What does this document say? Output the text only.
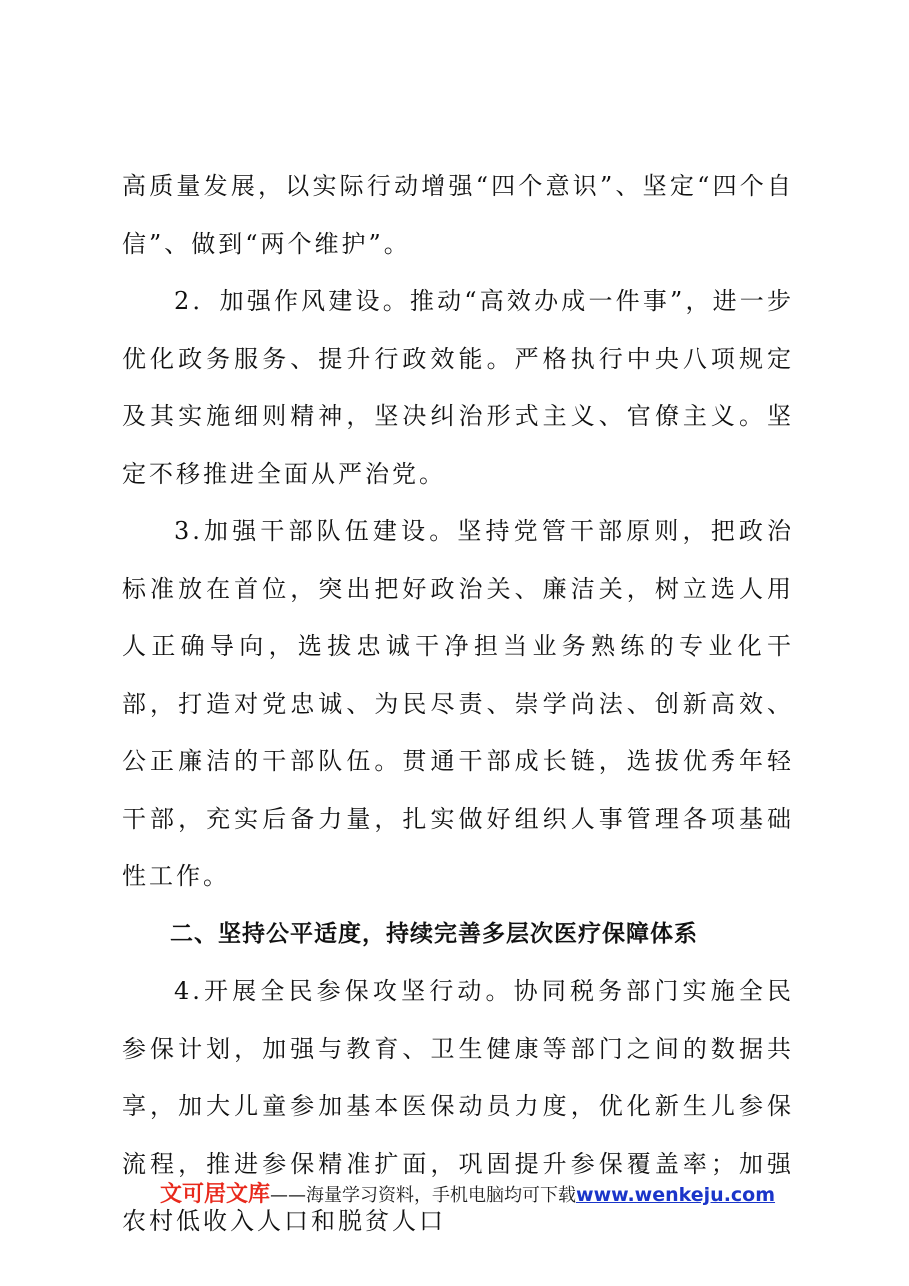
高质量发展，以实际行动增强“四个意识”、坚定“四个自信”、做到“两个维护”。

2．加强作风建设。推动“高效办成一件事”，进一步优化政务服务、提升行政效能。严格执行中央八项规定及其实施细则精神，坚决纠治形式主义、官僚主义。坚定不移推进全面从严治党。

3.加强干部队伍建设。坚持党管干部原则，把政治标准放在首位，突出把好政治关、廉洁关，树立选人用人正确导向，选拔忠诚干净担当业务熟练的专业化干部，打造对党忠诚、为民尽责、崇学尚法、创新高效、公正廉洁的干部队伍。贯通干部成长链，选拔优秀年轻干部，充实后备力量，扎实做好组织人事管理各项基础性工作。

二、坚持公平适度，持续完善多层次医疗保障体系

4.开展全民参保攻坚行动。协同税务部门实施全民参保计划，加强与教育、卫生健康等部门之间的数据共享，加大儿童参加基本医保动员力度，优化新生儿参保流程，推进参保精准扩面，巩固提升参保覆盖率；加强农村低收入人口和脱贫人口

文可居文库——海量学习资料，手机电脑均可下载www.wenkeju.com
